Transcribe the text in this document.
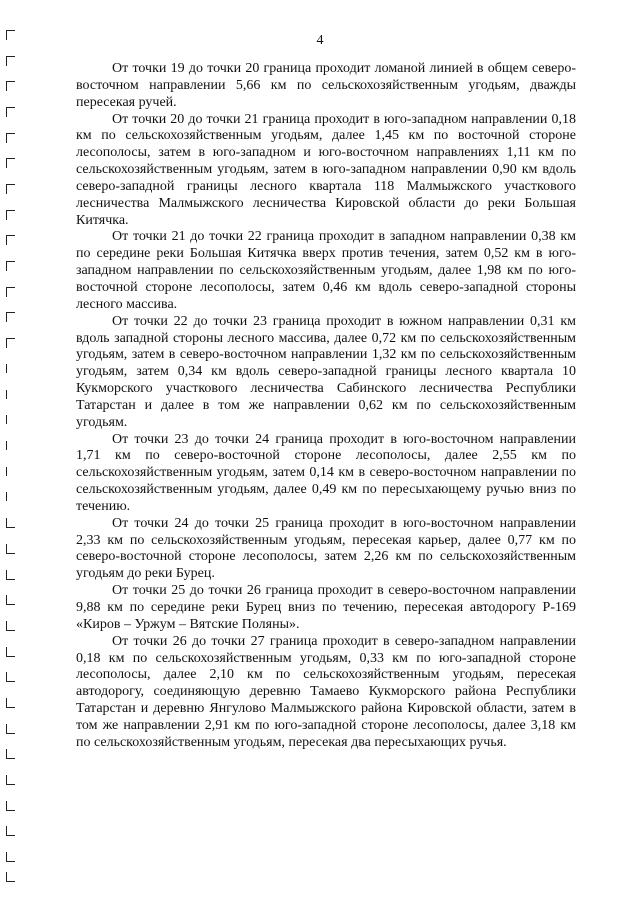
4

От точки 19 до точки 20 граница проходит ломаной линией в общем северо-восточном направлении 5,66 км по сельскохозяйственным угодьям, дважды пересекая ручей.

От точки 20 до точки 21 граница проходит в юго-западном направлении 0,18 км по сельскохозяйственным угодьям, далее 1,45 км по восточной стороне лесополосы, затем в юго-западном и юго-восточном направлениях 1,11 км по сельскохозяйственным угодьям, затем в юго-западном направлении 0,90 км вдоль северо-западной границы лесного квартала 118 Малмыжского участкового лесничества Малмыжского лесничества Кировской области до реки Большая Китячка.

От точки 21 до точки 22 граница проходит в западном направлении 0,38 км по середине реки Большая Китячка вверх против течения, затем 0,52 км в юго-западном направлении по сельскохозяйственным угодьям, далее 1,98 км по юго-восточной стороне лесополосы, затем 0,46 км вдоль северо-западной стороны лесного массива.

От точки 22 до точки 23 граница проходит в южном направлении 0,31 км вдоль западной стороны лесного массива, далее 0,72 км по сельскохозяйственным угодьям, затем в северо-восточном направлении 1,32 км по сельскохозяйственным угодьям, затем 0,34 км вдоль северо-западной границы лесного квартала 10 Кукморского участкового лесничества Сабинского лесничества Республики Татарстан и далее в том же направлении 0,62 км по сельскохозяйственным угодьям.

От точки 23 до точки 24 граница проходит в юго-восточном направлении 1,71 км по северо-восточной стороне лесополосы, далее 2,55 км по сельскохозяйственным угодьям, затем 0,14 км в северо-восточном направлении по сельскохозяйственным угодьям, далее 0,49 км по пересыхающему ручью вниз по течению.

От точки 24 до точки 25 граница проходит в юго-восточном направлении 2,33 км по сельскохозяйственным угодьям, пересекая карьер, далее 0,77 км по северо-восточной стороне лесополосы, затем 2,26 км по сельскохозяйственным угодьям до реки Бурец.

От точки 25 до точки 26 граница проходит в северо-восточном направлении 9,88 км по середине реки Бурец вниз по течению, пересекая автодорогу Р-169 «Киров – Уржум – Вятские Поляны».

От точки 26 до точки 27 граница проходит в северо-западном направлении 0,18 км по сельскохозяйственным угодьям, 0,33 км по юго-западной стороне лесополосы, далее 2,10 км по сельскохозяйственным угодьям, пересекая автодорогу, соединяющую деревню Тамаево Кукморского района Республики Татарстан и деревню Янгулово Малмыжского района Кировской области, затем в том же направлении 2,91 км по юго-западной стороне лесополосы, далее 3,18 км по сельскохозяйственным угодьям, пересекая два пересыхающих ручья.
